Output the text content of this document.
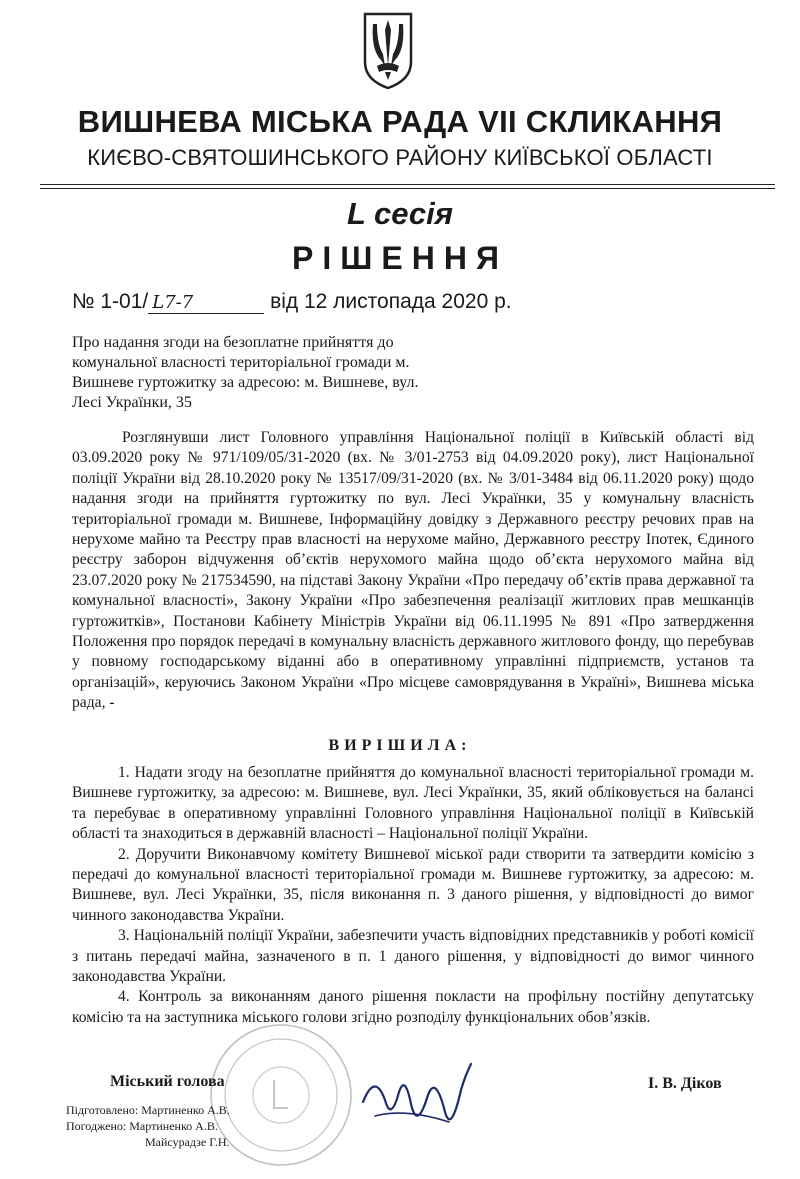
ВИШНЕВА МІСЬКА РАДА VII СКЛИКАННЯ
КИЄВО-СВЯТОШИНСЬКОГО РАЙОНУ КИЇВСЬКОЇ ОБЛАСТІ
L сесія
РІШЕННЯ
№ 1-01/ L7-7	від 12 листопада 2020 р.
Про надання згоди на безоплатне прийняття до комунальної власності територіальної громади м. Вишневе гуртожитку за адресою: м. Вишневе, вул. Лесі Українки, 35
Розглянувши лист Головного управління Національної поліції в Київській області від 03.09.2020 року № 971/109/05/31-2020 (вх. № 3/01-2753 від 04.09.2020 року), лист Національної поліції України від 28.10.2020 року № 13517/09/31-2020 (вх. № 3/01-3484 від 06.11.2020 року) щодо надання згоди на прийняття гуртожитку по вул. Лесі Українки, 35 у комунальну власність територіальної громади м. Вишневе, Інформаційну довідку з Державного реєстру речових прав на нерухоме майно та Реєстру прав власності на нерухоме майно, Державного реєстру Іпотек, Єдиного реєстру заборон відчуження об’єктів нерухомого майна щодо об’єкта нерухомого майна від 23.07.2020 року № 217534590, на підставі Закону України «Про передачу об’єктів права державної та комунальної власності», Закону України «Про забезпечення реалізації житлових прав мешканців гуртожитків», Постанови Кабінету Міністрів України від 06.11.1995 № 891 «Про затвердження Положення про порядок передачі в комунальну власність державного житлового фонду, що перебував у повному господарському віданні або в оперативному управлінні підприємств, установ та організацій», керуючись Законом України «Про місцеве самоврядування в Україні», Вишнева міська рада, -
ВИРІШИЛА:

1. Надати згоду на безоплатне прийняття до комунальної власності територіальної громади м. Вишневе гуртожитку, за адресою: м. Вишневе, вул. Лесі Українки, 35, який обліковується на балансі та перебуває в оперативному управлінні Головного управління Національної поліції в Київській області та знаходиться в державній власності – Національної поліції України.

2. Доручити Виконавчому комітету Вишневої міської ради створити та затвердити комісію з передачі до комунальної власності територіальної громади м. Вишневе гуртожитку, за адресою: м. Вишневе, вул. Лесі Українки, 35, після виконання п. 3 даного рішення, у відповідності до вимог чинного законодавства України.

3. Національній поліції України, забезпечити участь відповідних представників у роботі комісії з питань передачі майна, зазначеного в п. 1 даного рішення, у відповідності до вимог чинного законодавства України.

4. Контроль за виконанням даного рішення покласти на профільну постійну депутатську комісію та на заступника міського голови згідно розподілу функціональних обов’язків.

Міський голова	І. В. Діков
Підготовлено: Мартиненко А.В.
Погоджено: Мартиненко А.В.
Майсурадзе Г.Н.
